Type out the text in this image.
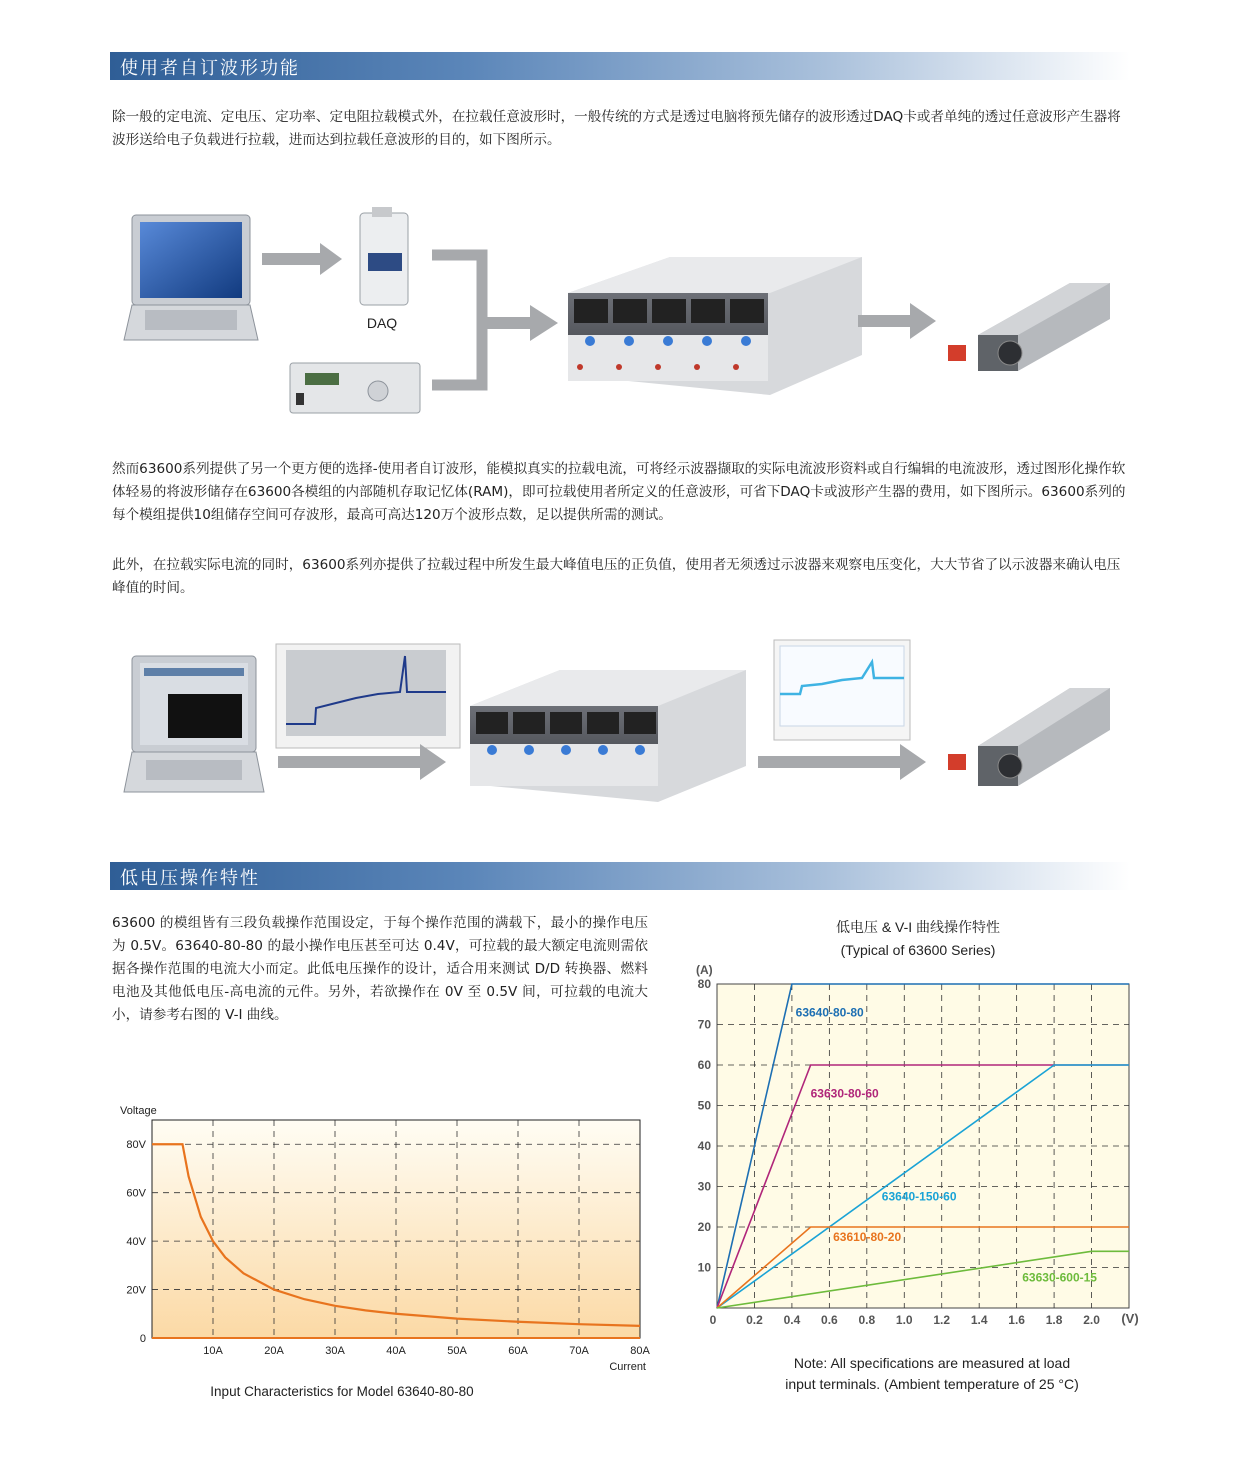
使用者自订波形功能
除一般的定电流、定电压、定功率、定电阻拉载模式外，在拉载任意波形时，一般传统的方式是透过电脑将预先储存的波形透过DAQ卡或者单纯的透过任意波形产生器将波形送给电子负载进行拉载，进而达到拉载任意波形的目的，如下图所示。
DAQ
然而63600系列提供了另一个更方便的选择-使用者自订波形，能模拟真实的拉载电流，可将经示波器撷取的实际电流波形资料或自行编辑的电流波形，透过图形化操作软体轻易的将波形储存在63600各模组的内部随机存取记忆体(RAM)，即可拉载使用者所定义的任意波形，可省下DAQ卡或波形产生器的费用，如下图所示。63600系列的每个模组提供10组储存空间可存波形，最高可高达120万个波形点数，足以提供所需的测试。
此外，在拉载实际电流的同时，63600系列亦提供了拉载过程中所发生最大峰值电压的正负值，使用者无须透过示波器来观察电压变化，大大节省了以示波器来确认电压峰值的时间。
低电压操作特性
63600 的模组皆有三段负载操作范围设定，于每个操作范围的满载下，最小的操作电压为 0.5V。63640-80-80 的最小操作电压甚至可达 0.4V，可拉载的最大额定电流则需依据各操作范围的电流大小而定。此低电压操作的设计，适合用来测试 D/D 转换器、燃料电池及其他低电压-高电流的元件。另外，若欲操作在 0V 至 0.5V 间，可拉载的电流大小，请参考右图的 V-I 曲线。
Voltage
10A	20A	30A	40A	50A	60A	70A	80A
0
20V
40V
60V
80V
Current
Input Characteristics for Model 63640-80-80
低电压 & V-I 曲线操作特性
(Typical of 63600 Series)
(A)
0 0.2 0.4 0.6 0.8 1.0 1.2 1.4 1.6 1.8 2.0
10
20
30
40
50
60
70
80
63640-80-80
63630-80-60
63640-150-60
63610-80-20
63630-600-15
(V)
Note: All specifications are measured at load
input terminals. (Ambient temperature of 25 °C)
